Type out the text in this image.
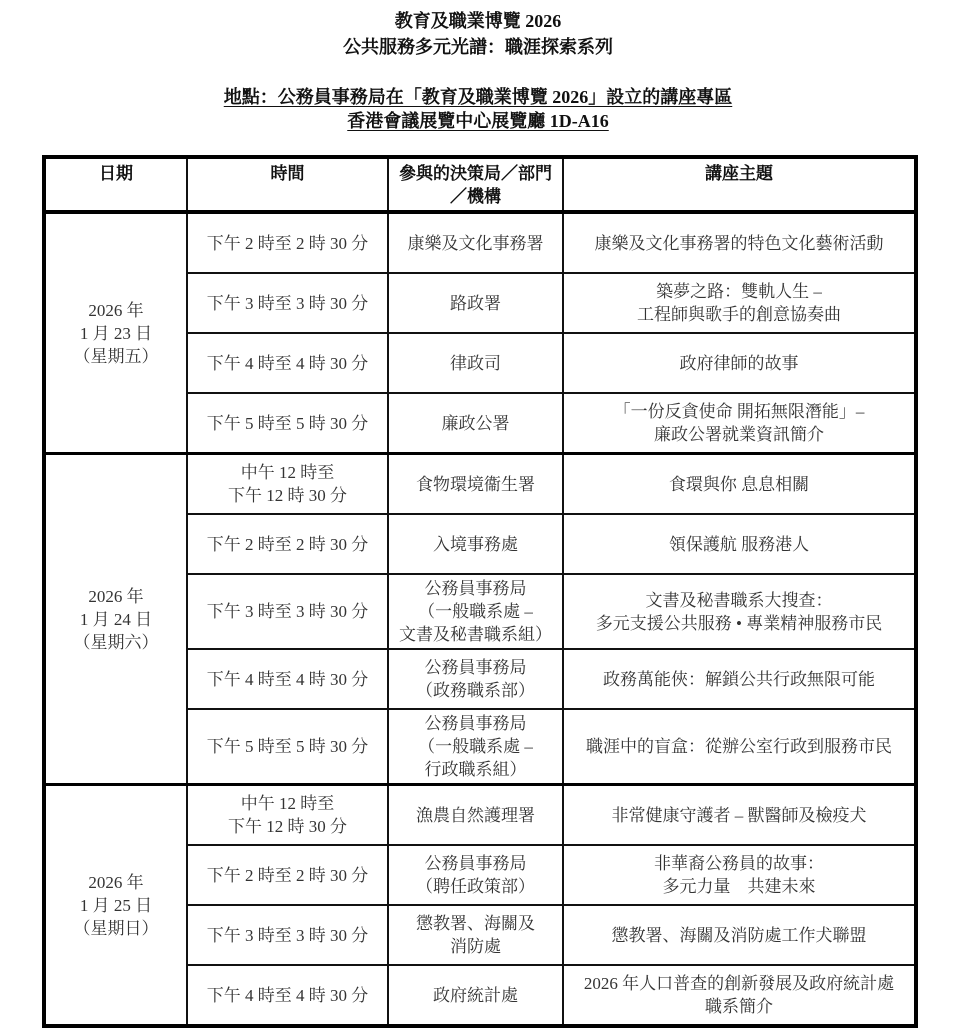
教育及職業博覽 2026
公共服務多元光譜：職涯探索系列
地點：公務員事務局在「教育及職業博覽 2026」設立的講座專區
香港會議展覽中心展覽廳 1D-A16
日期	時間	參與的決策局／部門
／機構	講座主題

2026 年
1 月 23 日
（星期五）	下午 2 時至 2 時 30 分	康樂及文化事務署	康樂及文化事務署的特色文化藝術活動

	下午 3 時至 3 時 30 分	路政署	築夢之路：雙軌人生 –
工程師與歌手的創意協奏曲

	下午 4 時至 4 時 30 分	律政司	政府律師的故事

	下午 5 時至 5 時 30 分	廉政公署	「一份反貪使命 開拓無限潛能」–
廉政公署就業資訊簡介

2026 年
1 月 24 日
（星期六）	中午 12 時至
下午 12 時 30 分	食物環境衞生署	食環與你 息息相關

	下午 2 時至 2 時 30 分	入境事務處	領保護航 服務港人

	下午 3 時至 3 時 30 分	公務員事務局
（一般職系處 –
文書及秘書職系組）	文書及秘書職系大搜查：
多元支援公共服務 • 專業精神服務市民

	下午 4 時至 4 時 30 分	公務員事務局
（政務職系部）	政務萬能俠：解鎖公共行政無限可能

	下午 5 時至 5 時 30 分	公務員事務局
（一般職系處 –
行政職系組）	職涯中的盲盒：從辦公室行政到服務市民

2026 年
1 月 25 日
（星期日）	中午 12 時至
下午 12 時 30 分	漁農自然護理署	非常健康守護者 – 獸醫師及檢疫犬

	下午 2 時至 2 時 30 分	公務員事務局
（聘任政策部）	非華裔公務員的故事：
多元力量　共建未來

	下午 3 時至 3 時 30 分	懲教署、海關及
消防處	懲教署、海關及消防處工作犬聯盟

	下午 4 時至 4 時 30 分	政府統計處	2026 年人口普查的創新發展及政府統計處
職系簡介
